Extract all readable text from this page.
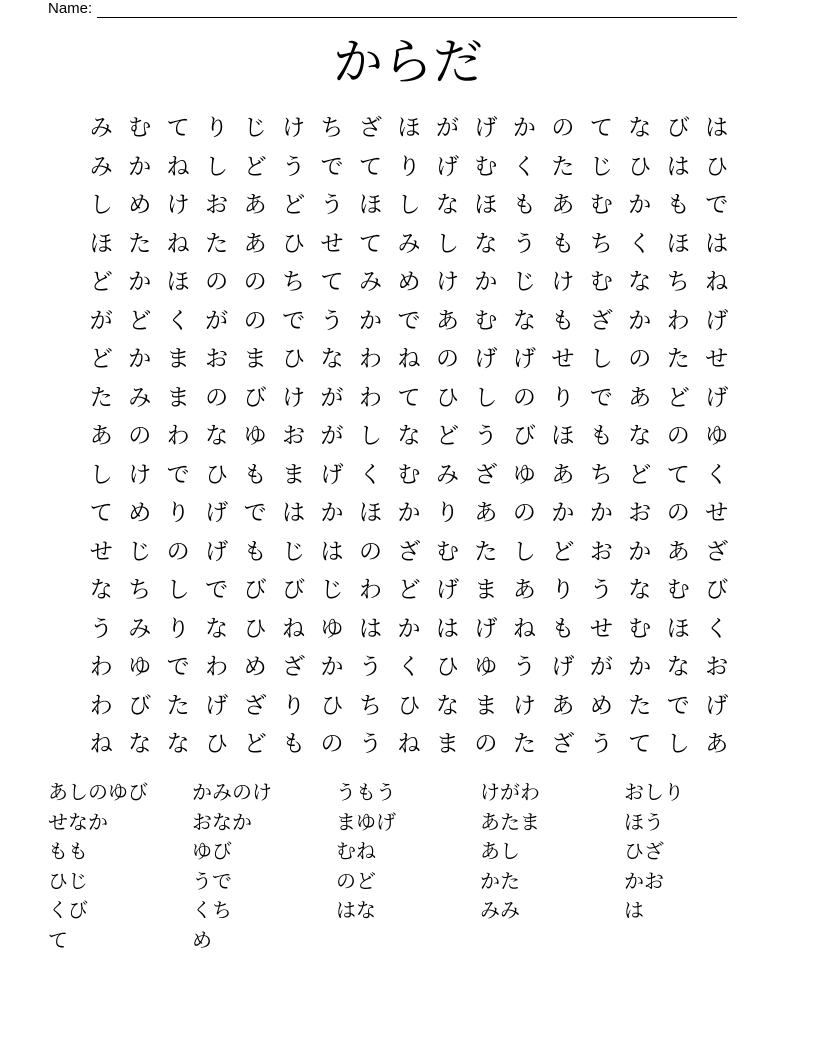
Name:
からだ
み む て り じ け ち ざ ほ が げ か の て な び は
み か ね し ど う で て り げ む く た じ ひ は ひ
し め け お あ ど う ほ し な ほ も あ む か も で
ほ た ね た あ ひ せ て み し な う も ち く ほ は
ど か ほ の の ち て み め け か じ け む な ち ね
が ど く が の で う か で あ む な も ざ か わ げ
ど か ま お ま ひ な わ ね の げ げ せ し の た せ
た み ま の び け が わ て ひ し の り で あ ど げ
あ の わ な ゆ お が し な ど う び ほ も な の ゆ
し け で ひ も ま げ く む み ざ ゆ あ ち ど て く
て め り げ で は か ほ か り あ の か か お の せ
せ じ の げ も じ は の ざ む た し ど お か あ ざ
な ち し で び び じ わ ど げ ま あ り う な む び
う み り な ひ ね ゆ は か は げ ね も せ む ほ く
わ ゆ で わ め ざ か う く ひ ゆ う げ が か な お
わ び た げ ざ り ひ ち ひ な ま け あ め た で げ
ね な な ひ ど も の う ね ま の た ざ う て し あ
あしのゆび	かみのけ	うもう	けがわ	おしり
せなか	おなか	まゆげ	あたま	ほう
もも	ゆび	むね	あし	ひざ
ひじ	うで	のど	かた	かお
くび	くち	はな	みみ	は
て	め
